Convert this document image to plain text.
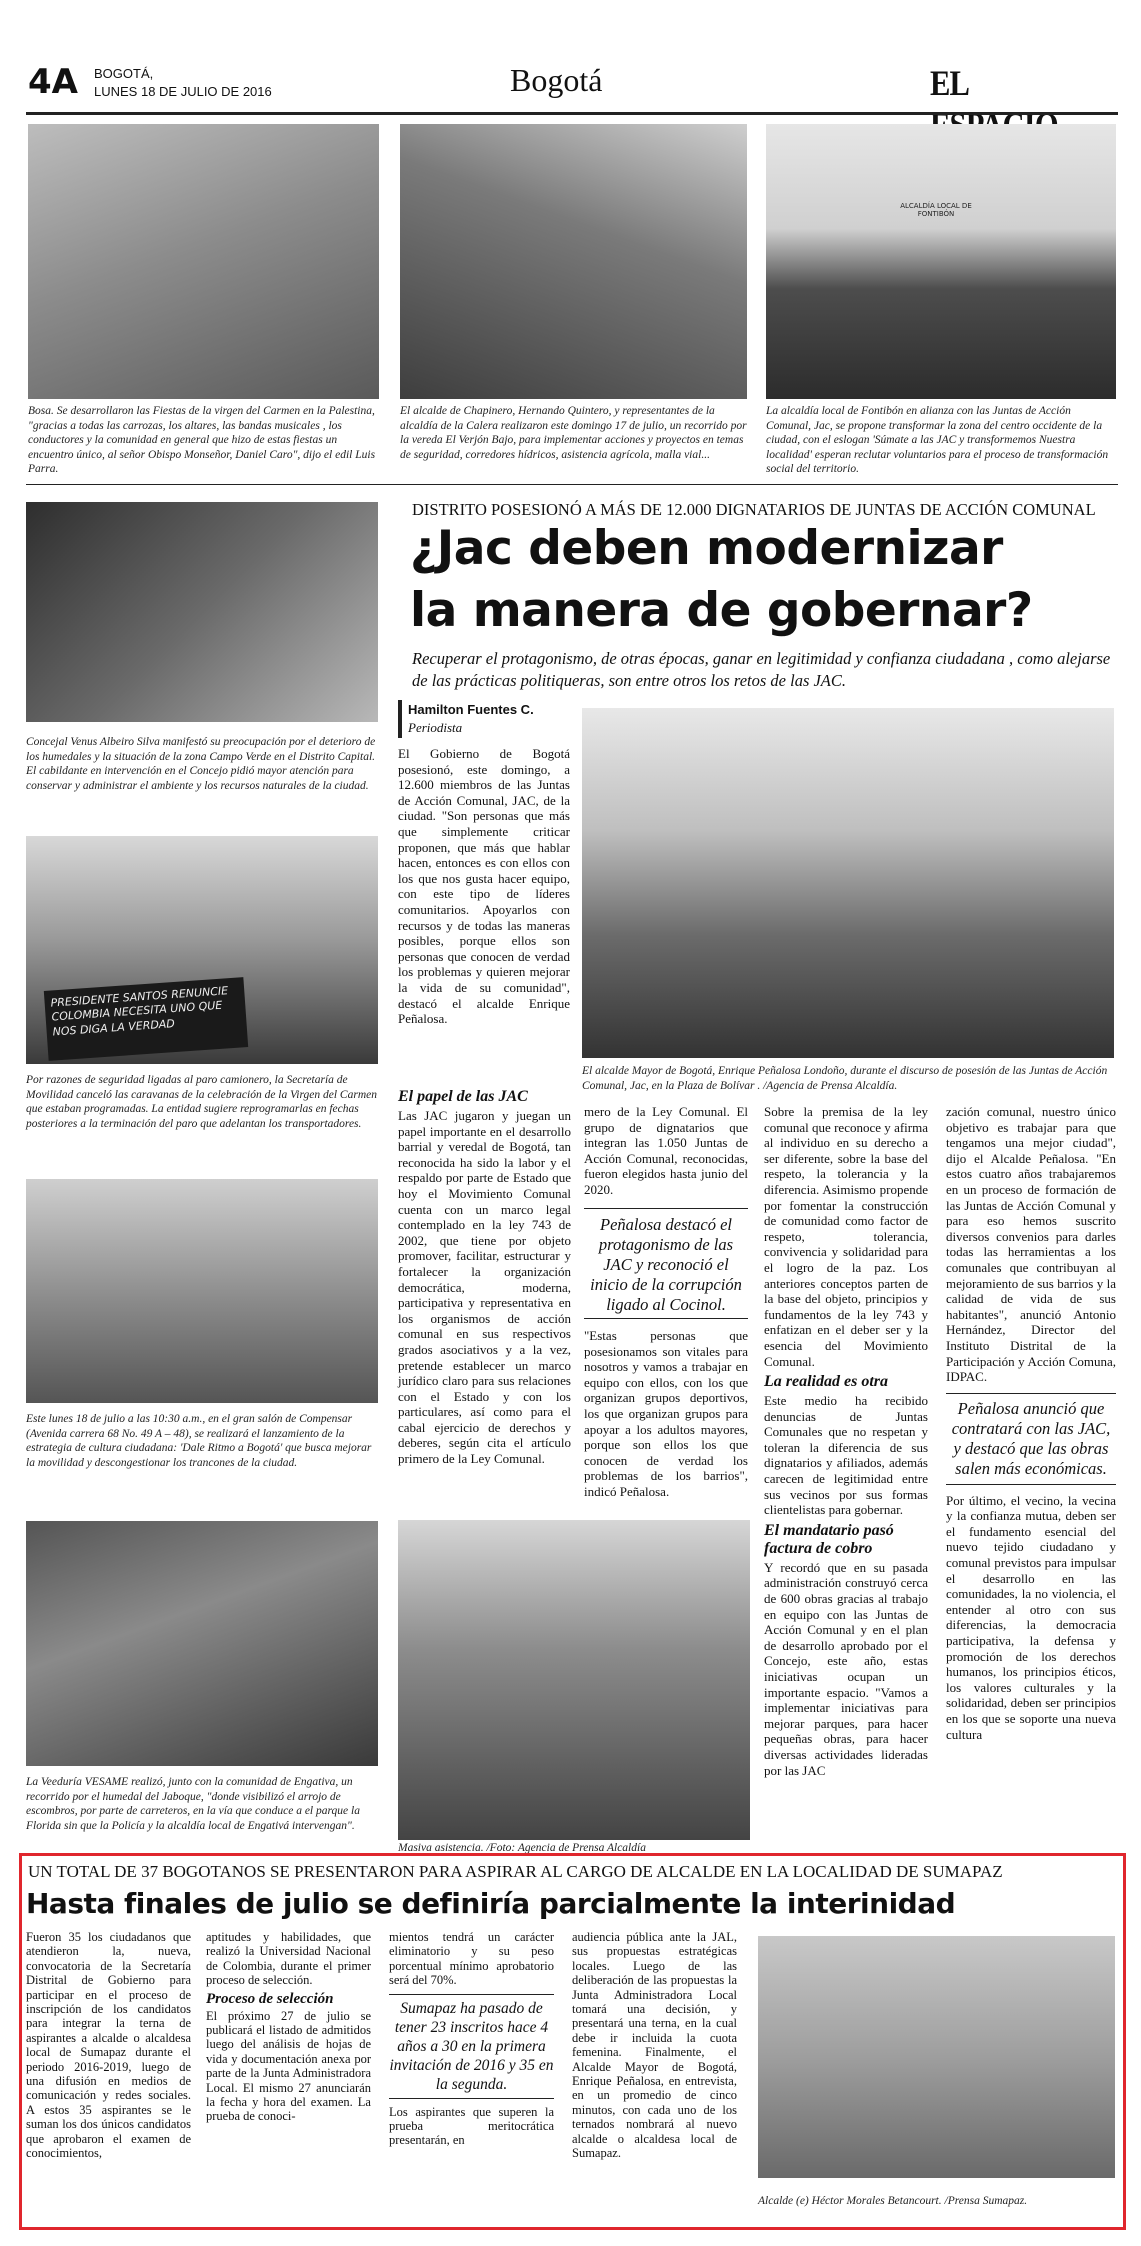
4A BOGOTÁ,
LUNES 18 DE JULIO DE 2016	Bogotá	EL

Bosa. Se desarrollaron las Fiestas de la virgen del Carmen en la Palestina, "gracias a todas las carrozas, los altares, las bandas musicales , los conductores y la comunidad en general que hizo de estas fiestas un encuentro único, al señor Obispo Monseñor, Daniel Caro", dijo el edil Luis Parra.

El alcalde de Chapinero, Hernando Quintero, y representantes de la alcaldía de la Calera realizaron este domingo 17 de julio, un recorrido por la vereda El Verjón Bajo, para implementar acciones y proyectos en temas de seguridad, corredores hídricos, asistencia agrícola, malla vial...

ALCALDÍA LOCAL DE FONTIBÓN

La alcaldía local de Fontibón en alianza con las Juntas de Acción Comunal, Jac, se propone transformar la zona del centro occidente de la ciudad, con el eslogan 'Súmate a las JAC y transformemos Nuestra localidad' esperan reclutar voluntarios para el proceso de transformación social del territorio.

Concejal Venus Albeiro Silva manifestó su preocupación por el deterioro de los humedales y la situación de la zona Campo Verde en el Distrito Capital. El cabildante en intervención en el Concejo pidió mayor atención para conservar y administrar el ambiente y los recursos naturales de la ciudad.

PRESIDENTE SANTOS RENUNCIE COLOMBIA NECESITA UNO QUE NOS DIGA LA VERDAD

Por razones de seguridad ligadas al paro camionero, la Secretaría de Movilidad canceló las caravanas de la celebración de la Virgen del Carmen que estaban programadas. La entidad sugiere reprogramarlas en fechas posteriores a la terminación del paro que adelantan los transportadores.

Este lunes 18 de julio a las 10:30 a.m., en el gran salón de Compensar (Avenida carrera 68 No. 49 A – 48), se realizará el lanzamiento de la estrategia de cultura ciudadana: 'Dale Ritmo a Bogotá' que busca mejorar la movilidad y descongestionar los trancones de la ciudad.

La Veeduría VESAME realizó, junto con la comunidad de Engativa, un recorrido por el humedal del Jaboque, "donde visibilizó el arrojo de escombros, por parte de carreteros, en la vía que conduce a el parque la Florida sin que la Policía y la alcaldía local de Engativá intervengan".

DISTRITO POSESIONÓ A MÁS DE 12.000 DIGNATARIOS DE JUNTAS DE ACCIÓN COMUNAL
¿Jac deben modernizar
la manera de gobernar?
Recuperar el protagonismo, de otras épocas, ganar en legitimidad y confianza ciudadana , como alejarse de las prácticas politiqueras, son entre otros los retos de las JAC.
Hamilton Fuentes C.
Periodista

El Gobierno de Bogotá posesionó, este domingo, a 12.600 miembros de las Juntas de Acción Comunal, JAC, de la ciudad. "Son personas que más que simplemente criticar proponen, que más que hablar hacen, entonces es con ellos con los que nos gusta hacer equipo, con este tipo de líderes comunitarios. Apoyarlos con recursos y de todas las maneras posibles, porque ellos son personas que conocen de verdad los problemas y quieren mejorar la vida de su comunidad", destacó el alcalde Enrique Peñalosa.

El alcalde Mayor de Bogotá, Enrique Peñalosa Londoño, durante el discurso de posesión de las Juntas de Acción Comunal, Jac, en la Plaza de Bolívar . /Agencia de Prensa Alcaldía.

El papel de las JAC

Las JAC jugaron y juegan un papel importante en el desarrollo barrial y veredal de Bogotá, tan reconocida ha sido la labor y el respaldo por parte de Estado que hoy el Movimiento Comunal cuenta con un marco legal contemplado en la ley 743 de 2002, que tiene por objeto promover, facilitar, estructurar y fortalecer la organización democrática, moderna, participativa y representativa en los organismos de acción comunal en sus respectivos grados asociativos y a la vez, pretende establecer un marco jurídico claro para sus relaciones con el Estado y con los particulares, así como para el cabal ejercicio de derechos y deberes, según cita el artículo primero de la Ley Comunal.

mero de la Ley Comunal. El grupo de dignatarios que integran las 1.050 Juntas de Acción Comunal, reconocidas, fueron elegidos hasta junio del 2020.

Peñalosa destacó el protagonismo de las JAC y reconoció el inicio de la corrupción ligado al Cocinol.

"Estas personas que posesionamos son vitales para nosotros y vamos a trabajar en equipo con ellos, con los que organizan grupos deportivos, los que organizan grupos para apoyar a los adultos mayores, porque son ellos los que conocen de verdad los problemas de los barrios", indicó Peñalosa.

Sobre la premisa de la ley comunal que reconoce y afirma al individuo en su derecho a ser diferente, sobre la base del respeto, la tolerancia y la diferencia. Asimismo propende por fomentar la construcción de comunidad como factor de respeto, tolerancia, convivencia y solidaridad para el logro de la paz. Los anteriores conceptos parten de la base del objeto, principios y fundamentos de la ley 743 y enfatizan en el deber ser y la esencia del Movimiento Comunal.

La realidad es otra

Este medio ha recibido denuncias de Juntas Comunales que no respetan y toleran la diferencia de sus dignatarios y afiliados, además carecen de legitimidad entre sus vecinos por sus formas clientelistas para gobernar.

El mandatario pasó factura de cobro

Y recordó que en su pasada administración construyó cerca de 600 obras gracias al trabajo en equipo con las Juntas de Acción Comunal y en el plan de desarrollo aprobado por el Concejo, este año, estas iniciativas ocupan un importante espacio. "Vamos a implementar iniciativas para mejorar parques, para hacer pequeñas obras, para hacer diversas actividades lideradas por las JAC

zación comunal, nuestro único objetivo es trabajar para que tengamos una mejor ciudad", dijo el Alcalde Peñalosa. "En estos cuatro años trabajaremos en un proceso de formación de las Juntas de Acción Comunal y para eso hemos suscrito diversos convenios para darles todas las herramientas a los comunales que contribuyan al mejoramiento de sus barrios y la calidad de vida de sus habitantes", anunció Antonio Hernández, Director del Instituto Distrital de la Participación y Acción Comuna, IDPAC.

Peñalosa anunció que contratará con las JAC, y destacó que las obras salen más económicas.

Por último, el vecino, la vecina y la confianza mutua, deben ser el fundamento esencial del nuevo tejido ciudadano y comunal previstos para impulsar el desarrollo en las comunidades, la no violencia, el entender al otro con sus diferencias, la democracia participativa, la defensa y promoción de los derechos humanos, los principios éticos, los valores culturales y la solidaridad, deben ser principios en los que se soporte una nueva cultura

Masiva asistencia. /Foto: Agencia de Prensa Alcaldía

UN TOTAL DE 37 BOGOTANOS SE PRESENTARON PARA ASPIRAR AL CARGO DE ALCALDE EN LA LOCALIDAD DE SUMAPAZ
Hasta finales de julio se definiría parcialmente la interinidad

Fueron 35 los ciudadanos que atendieron la, nueva, convocatoria de la Secretaría Distrital de Gobierno para participar en el proceso de inscripción de los candidatos para integrar la terna de aspirantes a alcalde o alcaldesa local de Sumapaz durante el periodo 2016-2019, luego de una difusión en medios de comunicación y redes sociales. A estos 35 aspirantes se le suman los dos únicos candidatos que aprobaron el examen de conocimientos,

aptitudes y habilidades, que realizó la Universidad Nacional de Colombia, durante el primer proceso de selección.

Proceso de selección

El próximo 27 de julio se publicará el listado de admitidos luego del análisis de hojas de vida y documentación anexa por parte de la Junta Administradora Local. El mismo 27 anunciarán la fecha y hora del examen. La prueba de conoci-

mientos tendrá un carácter eliminatorio y su peso porcentual mínimo aprobatorio será del 70%.

Sumapaz ha pasado de tener 23 inscritos hace 4 años a 30 en la primera invitación de 2016 y 35 en la segunda.

Los aspirantes que superen la prueba meritocrática presentarán, en

audiencia pública ante la JAL, sus propuestas estratégicas locales. Luego de las deliberación de las propuestas la Junta Administradora Local tomará una decisión, y presentará una terna, en la cual debe ir incluida la cuota femenina. Finalmente, el Alcalde Mayor de Bogotá, Enrique Peñalosa, en entrevista, en un promedio de cinco minutos, con cada uno de los ternados nombrará al nuevo alcalde o alcaldesa local de Sumapaz.

Alcalde (e) Héctor Morales Betancourt. /Prensa Sumapaz.
